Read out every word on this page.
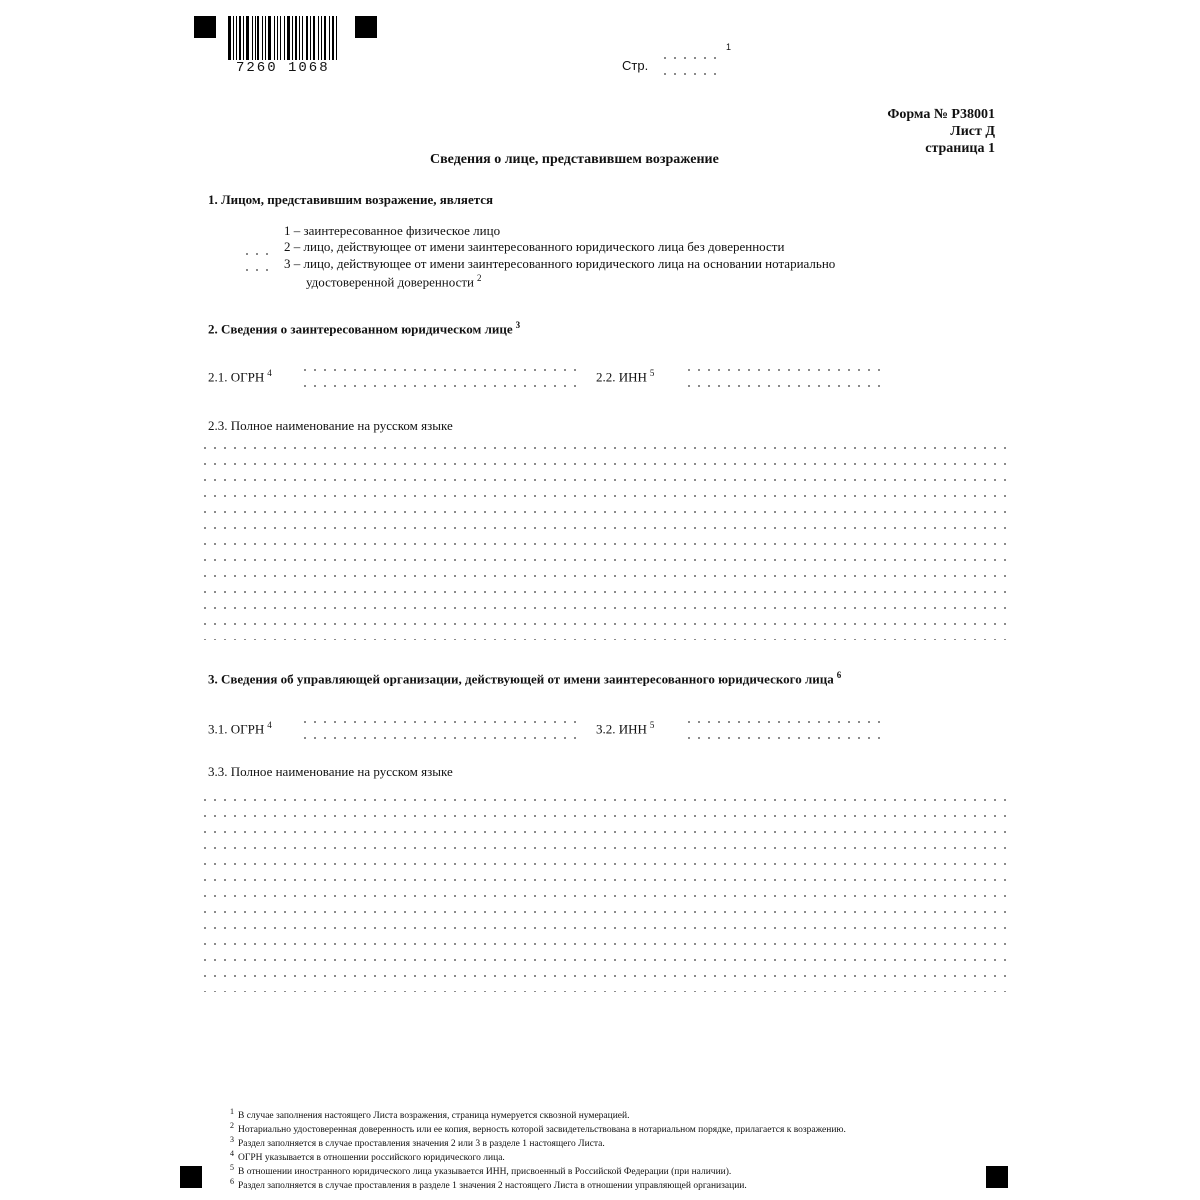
7260 1068	Стр.
1
Форма № Р38001
Лист Д
страница 1
Сведения о лице, представившем возражение
1. Лицом, представившим возражение, является
1 – заинтересованное физическое лицо
2 – лицо, действующее от имени заинтересованного юридического лица без доверенности
3 – лицо, действующее от имени заинтересованного юридического лица на основании нотариально
удостоверенной доверенности $^2$
2. Сведения о заинтересованном юридическом лице $^3$
2.1. ОГРН $^4$	2.2. ИНН $^5$
2.3. Полное наименование на русском языке
3. Сведения об управляющей организации, действующей от имени заинтересованного юридического лица $^6$
3.1. ОГРН $^4$	3.2. ИНН $^5$
3.3. Полное наименование на русском языке
$^1$ В случае заполнения настоящего Листа возражения, страница нумеруется сквозной нумерацией.
$^2$ Нотариально удостоверенная доверенность или ее копия, верность которой засвидетельствована в нотариальном порядке, прилагается к возражению.
$^3$ Раздел заполняется в случае проставления значения 2 или 3 в разделе 1 настоящего Листа.
$^4$ ОГРН указывается в отношении российского юридического лица.
$^5$ В отношении иностранного юридического лица указывается ИНН, присвоенный в Российской Федерации (при наличии).
$^6$ Раздел заполняется в случае проставления в разделе 1 значения 2 настоящего Листа в отношении управляющей организации.
